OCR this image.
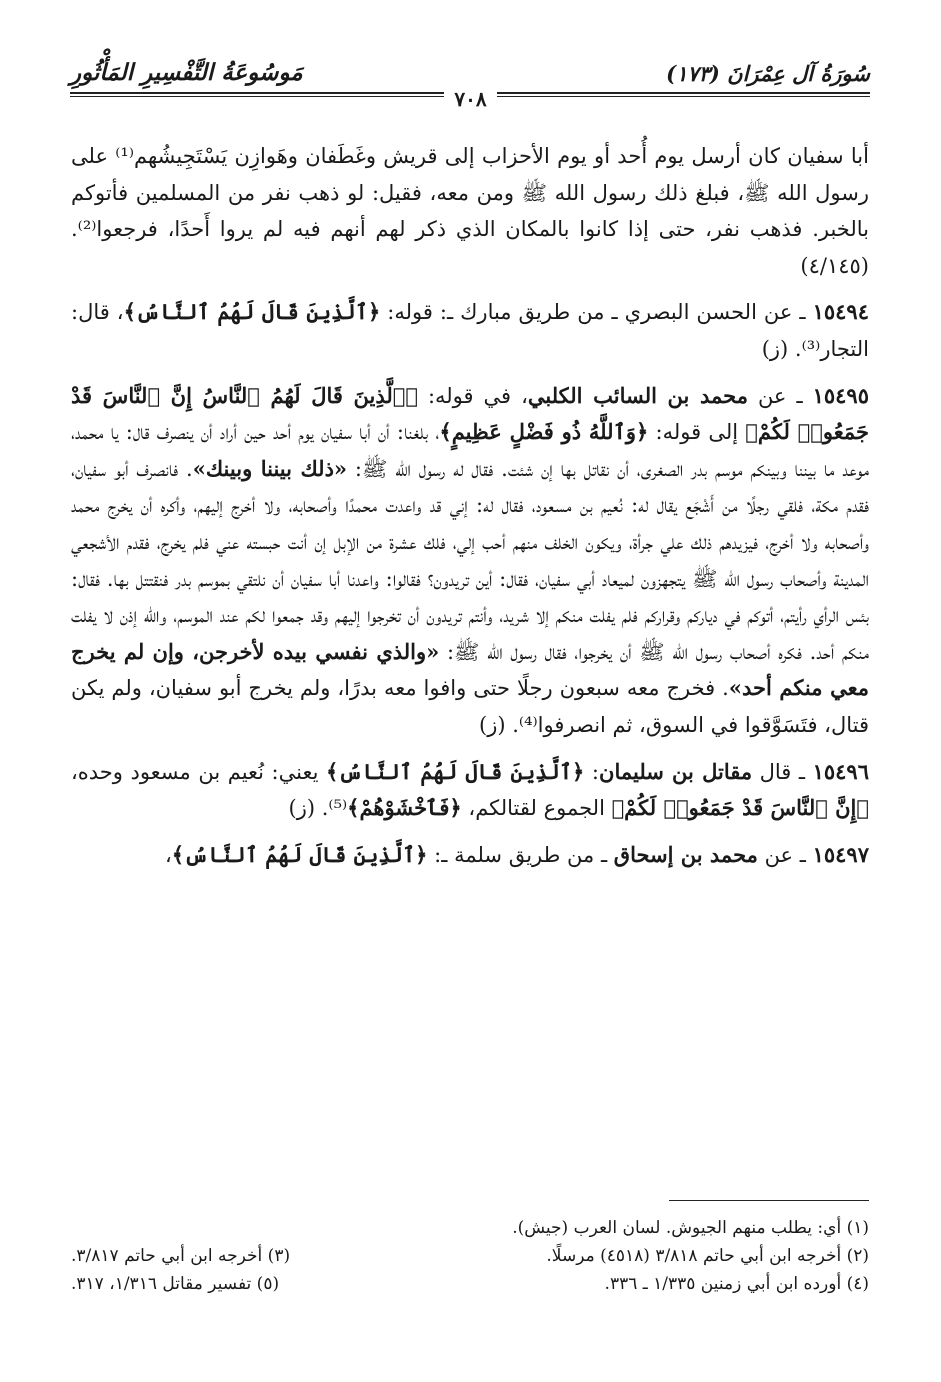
سُورَةُ آل عِمْرَانَ (١٧٣)
مَوسُوعَةُ التَّفْسِيرِ المَأْثُورِ
٧٠٨

أبا سفيان كان أرسل يوم أُحد أو يوم الأحزاب إلى قريش وغَطَفان وهَوازِن يَسْتَجِيشُهم⁽¹⁾ على رسول الله ﷺ، فبلغ ذلك رسول الله ﷺ ومن معه، فقيل: لو ذهب نفر من المسلمين فأتوكم بالخبر. فذهب نفر، حتى إذا كانوا بالمكان الذي ذكر لهم أنهم فيه لم يروا أَحدًا، فرجعوا⁽²⁾. (٤/١٤٥)

١٥٤٩٤ ـ عن الحسن البصري ـ من طريق مبارك ـ: قوله: ﴿ٱلَّذِينَ قَالَ لَهُمُ ٱلنَّاسُ﴾، قال: التجار⁽³⁾. (ز)

١٥٤٩٥ ـ عن محمد بن السائب الكلبي، في قوله: ﴿ٱلَّذِينَ قَالَ لَهُمُ ٱلنَّاسُ إِنَّ ٱلنَّاسَ قَدْ جَمَعُوا۟ لَكُمْ﴾ إلى قوله: ﴿وَٱللَّهُ ذُو فَضْلٍ عَظِيمٍ﴾، بلغنا: أن أبا سفيان يوم أحد حين أراد أن ينصرف قال: يا محمد، موعد ما بيننا وبينكم موسم بدر الصغرى، أن نقاتل بها إن شئت. فقال له رسول الله ﷺ: «ذلك بيننا وبينك». فانصرف أبو سفيان، فقدم مكة، فلقي رجلًا من أَشْجَع يقال له: نُعيم بن مسعود، فقال له: إني قد واعدت محمدًا وأصحابه، ولا أخرج إليهم، وأكره أن يخرج محمد وأصحابه ولا أخرج، فيزيدهم ذلك علي جرأة، ويكون الخلف منهم أحب إلي، فلك عشرة من الإبل إن أنت حبسته عني فلم يخرج، فقدم الأشجعي المدينة وأصحاب رسول الله ﷺ يتجهزون لميعاد أبي سفيان، فقال: أين تريدون؟ فقالوا: واعدنا أبا سفيان أن نلتقي بموسم بدر فنقتتل بها. فقال: بئس الرأي رأيتم، أتوكم في دياركم وقراركم فلم يفلت منكم إلا شريد، وأنتم تريدون أن تخرجوا إليهم وقد جمعوا لكم عند الموسم، والله إذن لا يفلت منكم أحد. فكره أصحاب رسول الله ﷺ أن يخرجوا، فقال رسول الله ﷺ: «والذي نفسي بيده لأخرجن، وإن لم يخرج معي منكم أحد». فخرج معه سبعون رجلًا حتى وافوا معه بدرًا، ولم يخرج أبو سفيان، ولم يكن قتال، فتَسَوَّقوا في السوق، ثم انصرفوا⁽⁴⁾. (ز)

١٥٤٩٦ ـ قال مقاتل بن سليمان: ﴿ٱلَّذِينَ قَالَ لَهُمُ ٱلنَّاسُ﴾ يعني: نُعيم بن مسعود وحده، ﴿إِنَّ ٱلنَّاسَ قَدْ جَمَعُوا۟ لَكُمْ﴾ الجموع لقتالكم، ﴿فَٱخْشَوْهُمْ﴾⁽⁵⁾. (ز)

١٥٤٩٧ ـ عن محمد بن إسحاق ـ من طريق سلمة ـ: ﴿ٱلَّذِينَ قَالَ لَهُمُ ٱلنَّاسُ﴾،

(١) أي: يطلب منهم الجيوش. لسان العرب (جيش).
(٢) أخرجه ابن أبي حاتم ٣/٨١٨ (٤٥١٨) مرسلًا.
(٣) أخرجه ابن أبي حاتم ٣/٨١٧.
(٤) أورده ابن أبي زمنين ١/٣٣٥ ـ ٣٣٦.
(٥) تفسير مقاتل ١/٣١٦، ٣١٧.
